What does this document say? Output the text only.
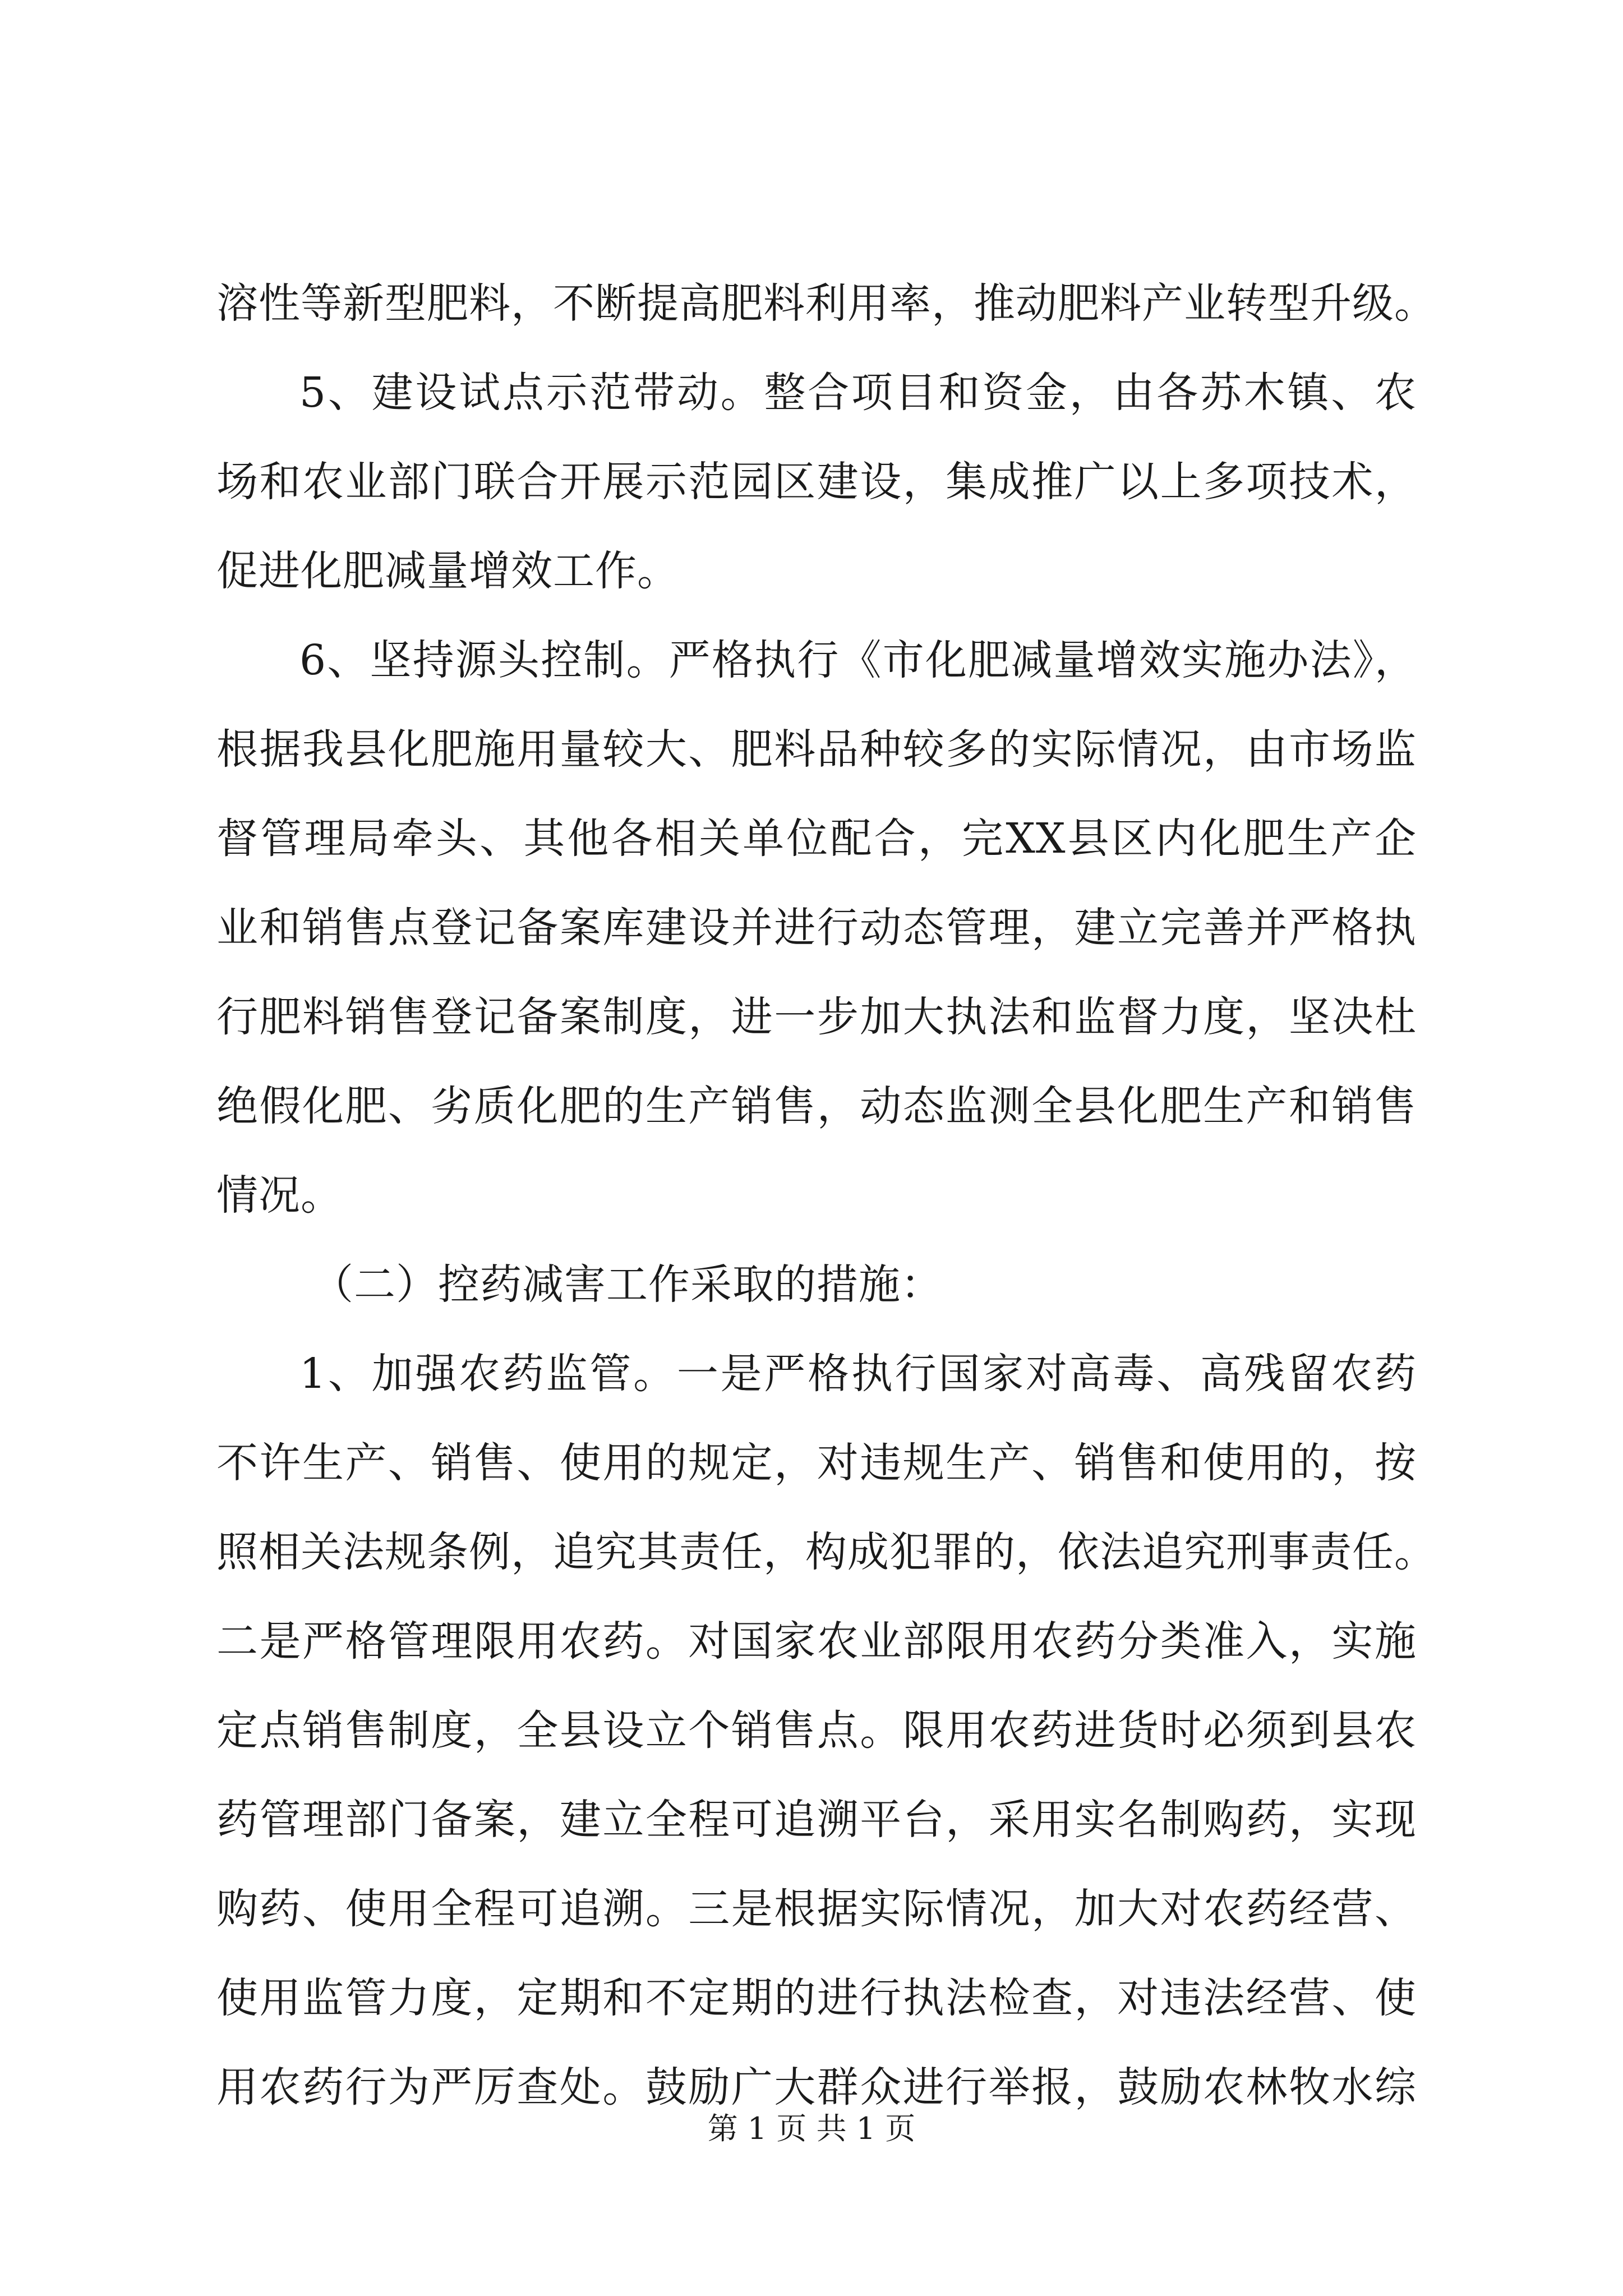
溶性等新型肥料，不断提高肥料利用率，推动肥料产业转型升级。
5、建设试点示范带动。整合项目和资金，由各苏木镇、农
场和农业部门联合开展示范园区建设，集成推广以上多项技术，
促进化肥减量增效工作。
6、坚持源头控制。严格执行《市化肥减量增效实施办法》，
根据我县化肥施用量较大、肥料品种较多的实际情况，由市场监
督管理局牵头、其他各相关单位配合，完XX县区内化肥生产企
业和销售点登记备案库建设并进行动态管理，建立完善并严格执
行肥料销售登记备案制度，进一步加大执法和监督力度，坚决杜
绝假化肥、劣质化肥的生产销售，动态监测全县化肥生产和销售
情况。
（二）控药减害工作采取的措施：
1、加强农药监管。一是严格执行国家对高毒、高残留农药
不许生产、销售、使用的规定，对违规生产、销售和使用的，按
照相关法规条例，追究其责任，构成犯罪的，依法追究刑事责任。
二是严格管理限用农药。对国家农业部限用农药分类准入，实施
定点销售制度，全县设立个销售点。限用农药进货时必须到县农
药管理部门备案，建立全程可追溯平台，采用实名制购药，实现
购药、使用全程可追溯。三是根据实际情况，加大对农药经营、
使用监管力度，定期和不定期的进行执法检查，对违法经营、使
用农药行为严厉查处。鼓励广大群众进行举报，鼓励农林牧水综
第 1 页 共 1 页
